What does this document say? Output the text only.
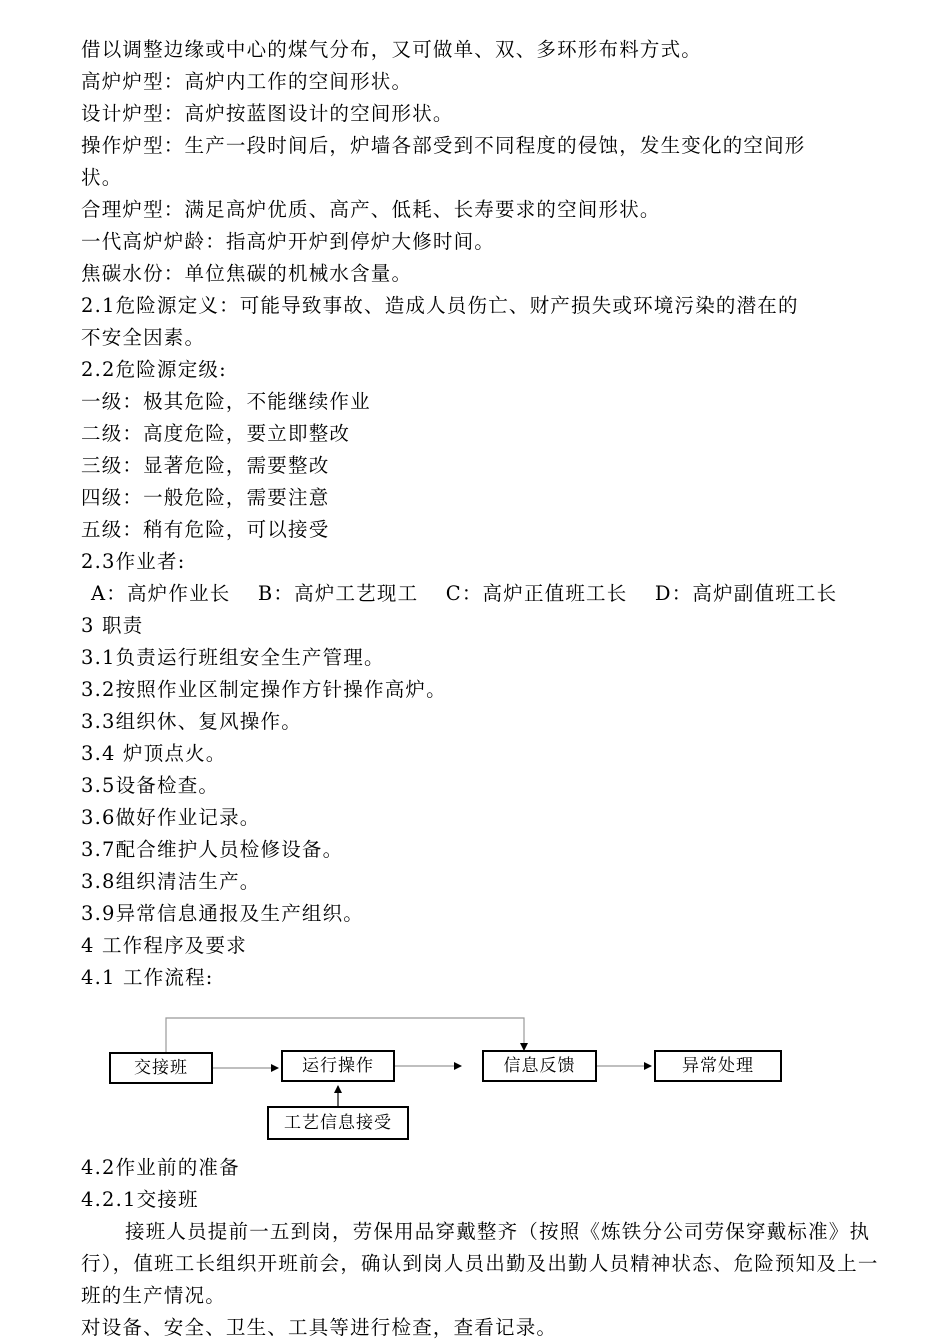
借以调整边缘或中心的煤气分布，又可做单、双、多环形布料方式。
高炉炉型：高炉内工作的空间形状。
设计炉型：高炉按蓝图设计的空间形状。
操作炉型：生产一段时间后，炉墙各部受到不同程度的侵蚀，发生变化的空间形
状。
合理炉型：满足高炉优质、高产、低耗、长寿要求的空间形状。
一代高炉炉龄：指高炉开炉到停炉大修时间。
焦碳水份：单位焦碳的机械水含量。
2.1危险源定义：可能导致事故、造成人员伤亡、财产损失或环境污染的潜在的
不安全因素。
2.2危险源定级:
一级：极其危险，不能继续作业
二级：高度危险，要立即整改
三级：显著危险，需要整改
四级：一般危险，需要注意
五级：稍有危险，可以接受
2.3作业者:
A：高炉作业长 B：高炉工艺现工 C：高炉正值班工长 D：高炉副值班工长
3 职责
3.1负责运行班组安全生产管理。
3.2按照作业区制定操作方针操作高炉。
3.3组织休、复风操作。
3.4 炉顶点火。
3.5设备检查。
3.6做好作业记录。
3.7配合维护人员检修设备。
3.8组织清洁生产。
3.9异常信息通报及生产组织。
4 工作程序及要求
4.1 工作流程:
交接班	运行操作	信息反馈	异常处理
工艺信息接受
4.2作业前的准备
4.2.1交接班
接班人员提前一五到岗，劳保用品穿戴整齐（按照《炼铁分公司劳保穿戴标准》执行），值班工长组织开班前会，确认到岗人员出勤及出勤人员精神状态、危险预知及上一班的生产情况。
对设备、安全、卫生、工具等进行检查，查看记录。
